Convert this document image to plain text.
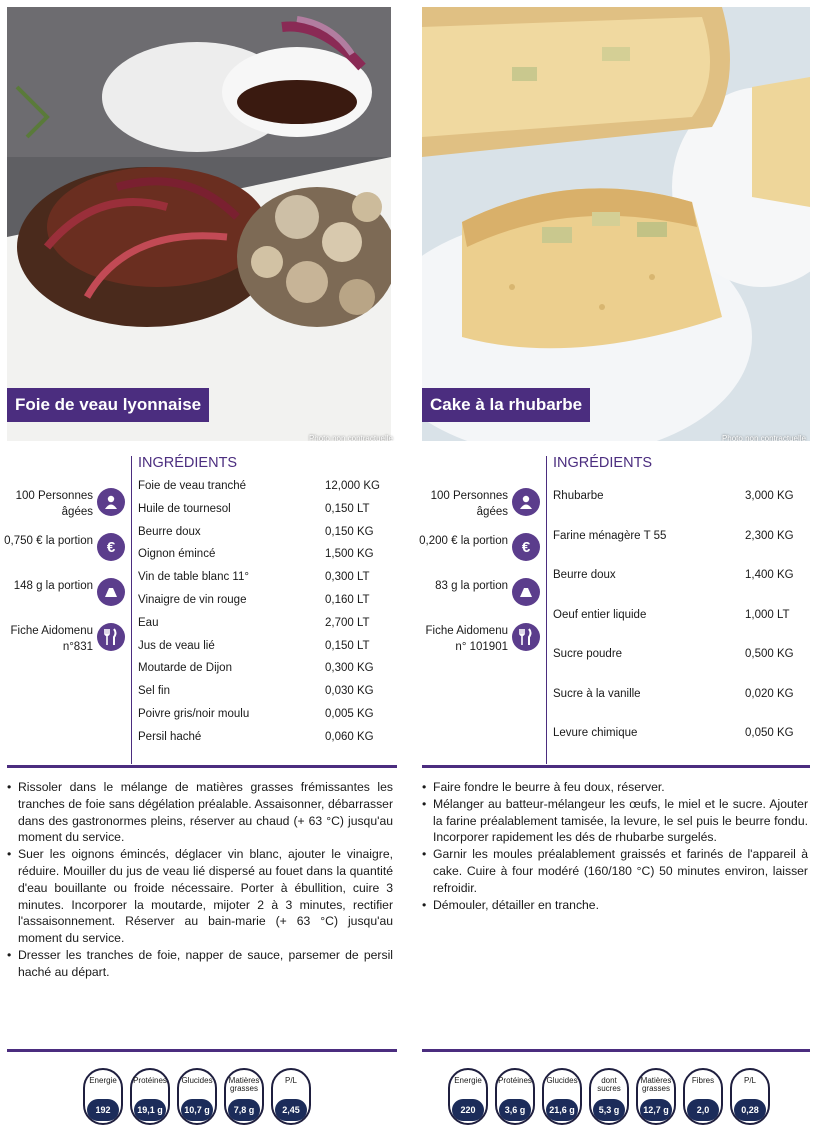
Foie de veau lyonnaise
Photo non contractuelle
100 Personnes âgées
0,750 € la portion €
148 g la portion
Fiche Aidomenu n°831
INGRÉDIENTS
Foie de veau tranché	12,000 KG
Huile de tournesol	0,150 LT
Beurre doux	0,150 KG
Oignon émincé	1,500 KG
Vin de table blanc 11°	0,300 LT
Vinaigre de vin rouge	0,160 LT
Eau	2,700 LT
Jus de veau lié	0,150 LT
Moutarde de Dijon	0,300 KG
Sel fin	0,030 KG
Poivre gris/noir moulu	0,005 KG
Persil haché	0,060 KG
• Rissoler dans le mélange de matières grasses frémissantes les tranches de foie sans dégélation préalable. Assaisonner, débarrasser dans des gastronormes pleins, réserver au chaud (+ 63 °C) jusqu'au moment du service.
• Suer les oignons émincés, déglacer vin blanc, ajouter le vinaigre, réduire. Mouiller du jus de veau lié dispersé au fouet dans la quantité d'eau bouillante ou froide nécessaire. Porter à ébullition, cuire 3 minutes. Incorporer la moutarde, mijoter 2 à 3 minutes, rectifier l'assaisonnement. Réserver au bain-marie (+ 63 °C) jusqu'au moment du service.
• Dresser les tranches de foie, napper de sauce, parsemer de persil haché au départ.
Energie
192 kcal
Protéines
19,1 g
Glucides
10,7 g
Matières grasses
7,8 g
P/L
2,45
Cake à la rhubarbe
Photo non contractuelle
100 Personnes âgées
0,200 € la portion €
83 g la portion
Fiche Aidomenu n° 101901
INGRÉDIENTS
Rhubarbe	3,000 KG
Farine ménagère T 55	2,300 KG
Beurre doux	1,400 KG
Oeuf entier liquide	1,000 LT
Sucre poudre	0,500 KG
Sucre à la vanille	0,020 KG
Levure chimique	0,050 KG
• Faire fondre le beurre à feu doux, réserver.
• Mélanger au batteur-mélangeur les œufs, le miel et le sucre. Ajouter la farine préalablement tamisée, la levure, le sel puis le beurre fondu. Incorporer rapidement les dés de rhubarbe surgelés.
• Garnir les moules préalablement graissés et farinés de l'appareil à cake. Cuire à four modéré (160/180 °C) 50 minutes environ, laisser refroidir.
• Démouler, détailler en tranche.
Energie
220 kcal
Protéines
3,6 g
Glucides
21,6 g
dont sucres
5,3 g
Matières grasses
12,7 g
Fibres
2,0
P/L
0,28
